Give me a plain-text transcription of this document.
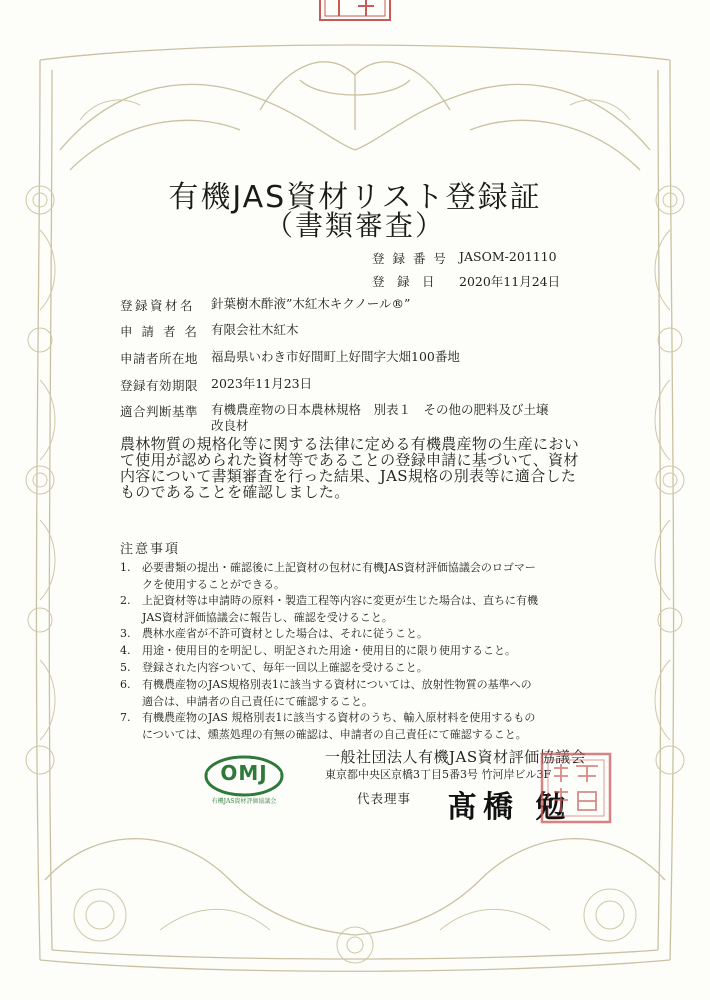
有機JAS資材リスト登録証
（書類審査）
登 録 番 号 JASOM-201110
登　録　日 2020年11月24日
登録資材名 針葉樹木酢液”木紅木キクノール®”
申 請 者 名 有限会社木紅木
申請者所在地 福島県いわき市好間町上好間字大畑100番地
登録有効期限 2023年11月23日
適合判断基準 有機農産物の日本農林規格　別表１　その他の肥料及び土壌
改良材
農林物質の規格化等に関する法律に定める有機農産物の生産におい
て使用が認められた資材等であることの登録申請に基づいて、資材
内容について書類審査を行った結果、JAS規格の別表等に適合した
ものであることを確認しました。
注意事項
1. 必要書類の提出・確認後に上記資材の包材に有機JAS資材評価協議会のロゴマー
クを使用することができる。
2. 上記資材等は申請時の原料・製造工程等内容に変更が生じた場合は、直ちに有機
JAS資材評価協議会に報告し、確認を受けること。
3. 農林水産省が不許可資材とした場合は、それに従うこと。
4. 用途・使用目的を明記し、明記された用途・使用目的に限り使用すること。
5. 登録された内容ついて、毎年一回以上確認を受けること。
6. 有機農産物のJAS規格別表1に該当する資材については、放射性物質の基準への
適合は、申請者の自己責任にて確認すること。
7. 有機農産物のJAS 規格別表1に該当する資材のうち、輸入原材料を使用するもの
については、燻蒸処理の有無の確認は、申請者の自己責任にて確認すること。
OMJ
有機JAS資材評価協議会
一般社団法人有機JAS資材評価協議会
東京都中央区京橋3丁目5番3号 竹河岸ビル3F
代表理事 髙橋 勉
